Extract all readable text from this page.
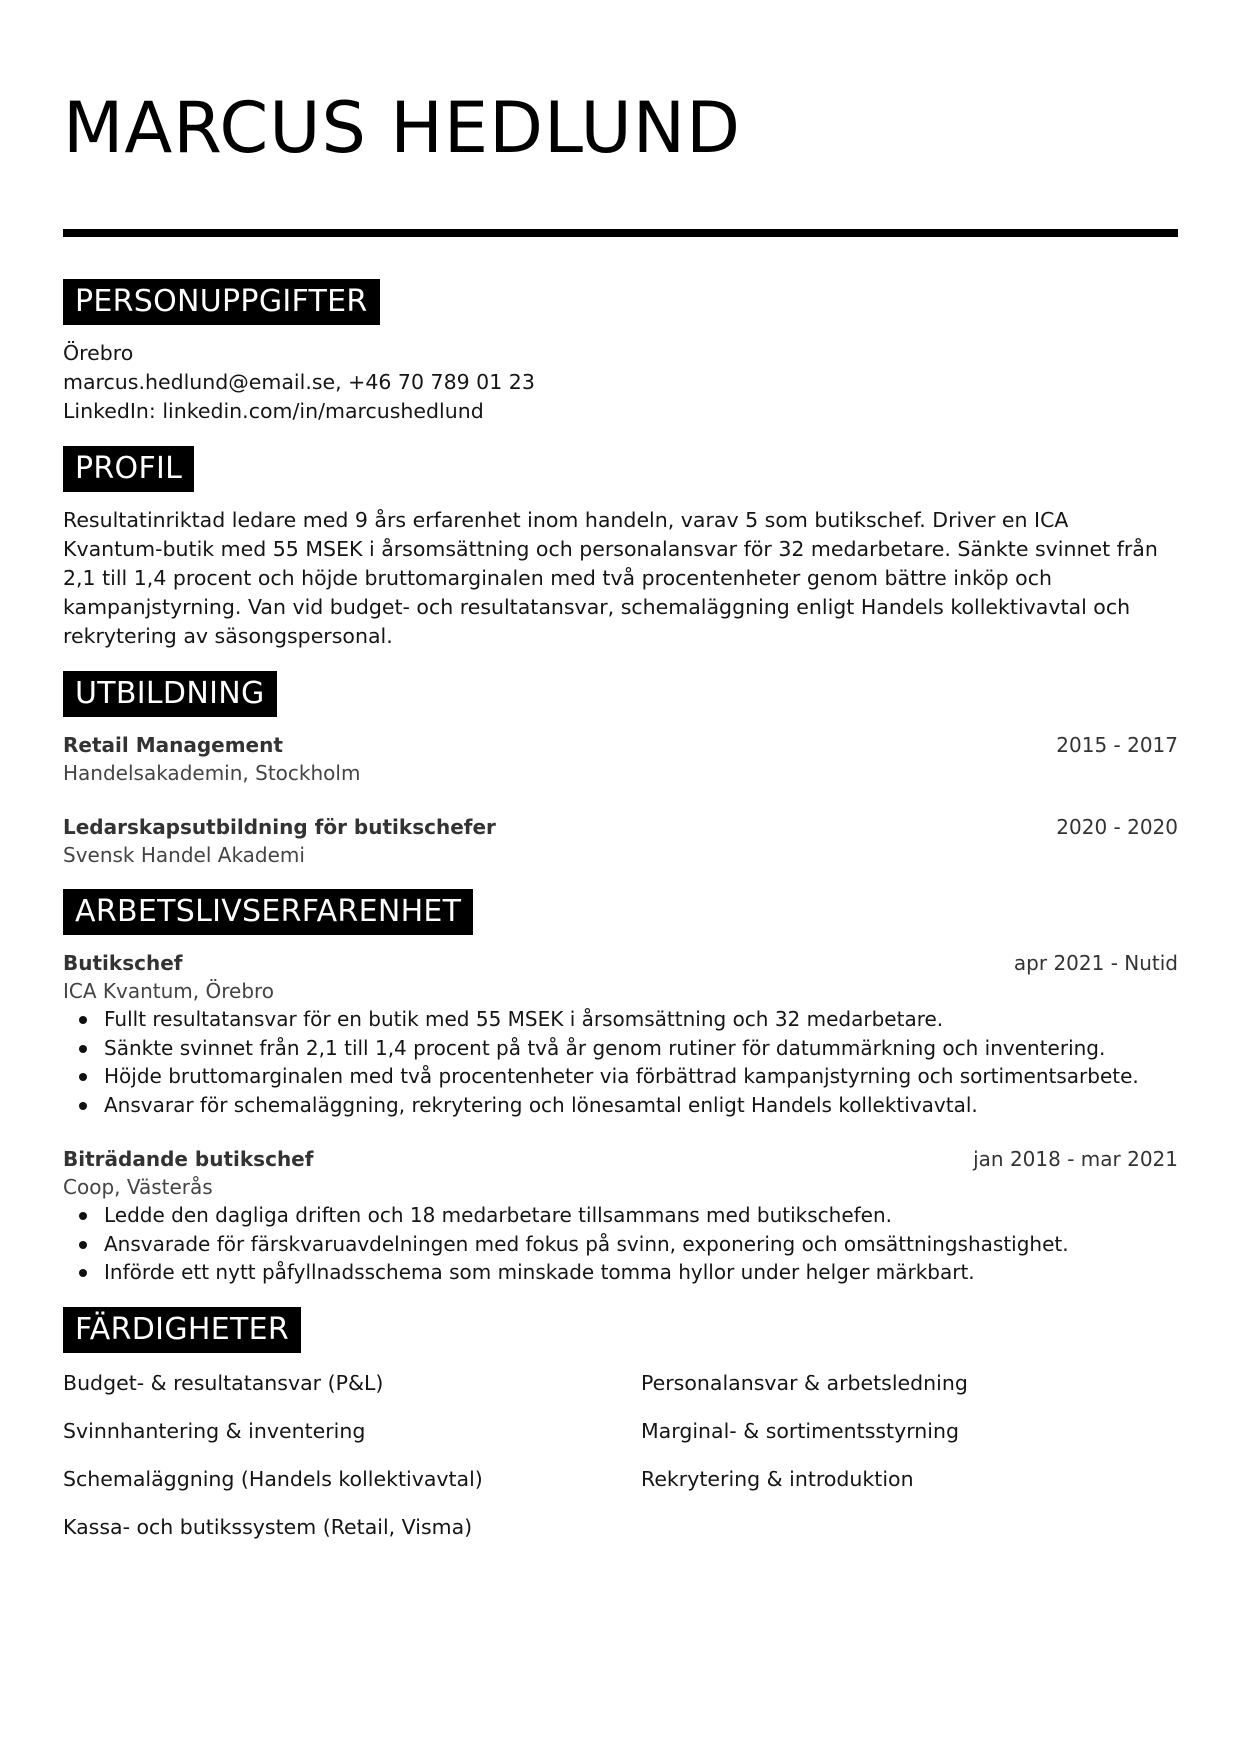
MARCUS HEDLUND
PERSONUPPGIFTER
Örebro
marcus.hedlund@email.se, +46 70 789 01 23
LinkedIn: linkedin.com/in/marcushedlund
PROFIL
Resultatinriktad ledare med 9 års erfarenhet inom handeln, varav 5 som butikschef. Driver en ICA Kvantum-butik med 55 MSEK i årsomsättning och personalansvar för 32 medarbetare. Sänkte svinnet från 2,1 till 1,4 procent och höjde bruttomarginalen med två procentenheter genom bättre inköp och kampanjstyrning. Van vid budget- och resultatansvar, schemaläggning enligt Handels kollektivavtal och rekrytering av säsongspersonal.
UTBILDNING
Retail Management	2015 - 2017
Handelsakademin, Stockholm
Ledarskapsutbildning för butikschefer	2020 - 2020
Svensk Handel Akademi
ARBETSLIVSERFARENHET
Butikschef	apr 2021 - Nutid
ICA Kvantum, Örebro
Fullt resultatansvar för en butik med 55 MSEK i årsomsättning och 32 medarbetare.
Sänkte svinnet från 2,1 till 1,4 procent på två år genom rutiner för datummärkning och inventering.
Höjde bruttomarginalen med två procentenheter via förbättrad kampanjstyrning och sortimentsarbete.
Ansvarar för schemaläggning, rekrytering och lönesamtal enligt Handels kollektivavtal.
Biträdande butikschef	jan 2018 - mar 2021
Coop, Västerås
Ledde den dagliga driften och 18 medarbetare tillsammans med butikschefen.
Ansvarade för färskvaruavdelningen med fokus på svinn, exponering och omsättningshastighet.
Införde ett nytt påfyllnadsschema som minskade tomma hyllor under helger märkbart.
FÄRDIGHETER
Budget- & resultatansvar (P&L)	Personalansvar & arbetsledning
Svinnhantering & inventering	Marginal- & sortimentsstyrning
Schemaläggning (Handels kollektivavtal)	Rekrytering & introduktion
Kassa- och butikssystem (Retail, Visma)
